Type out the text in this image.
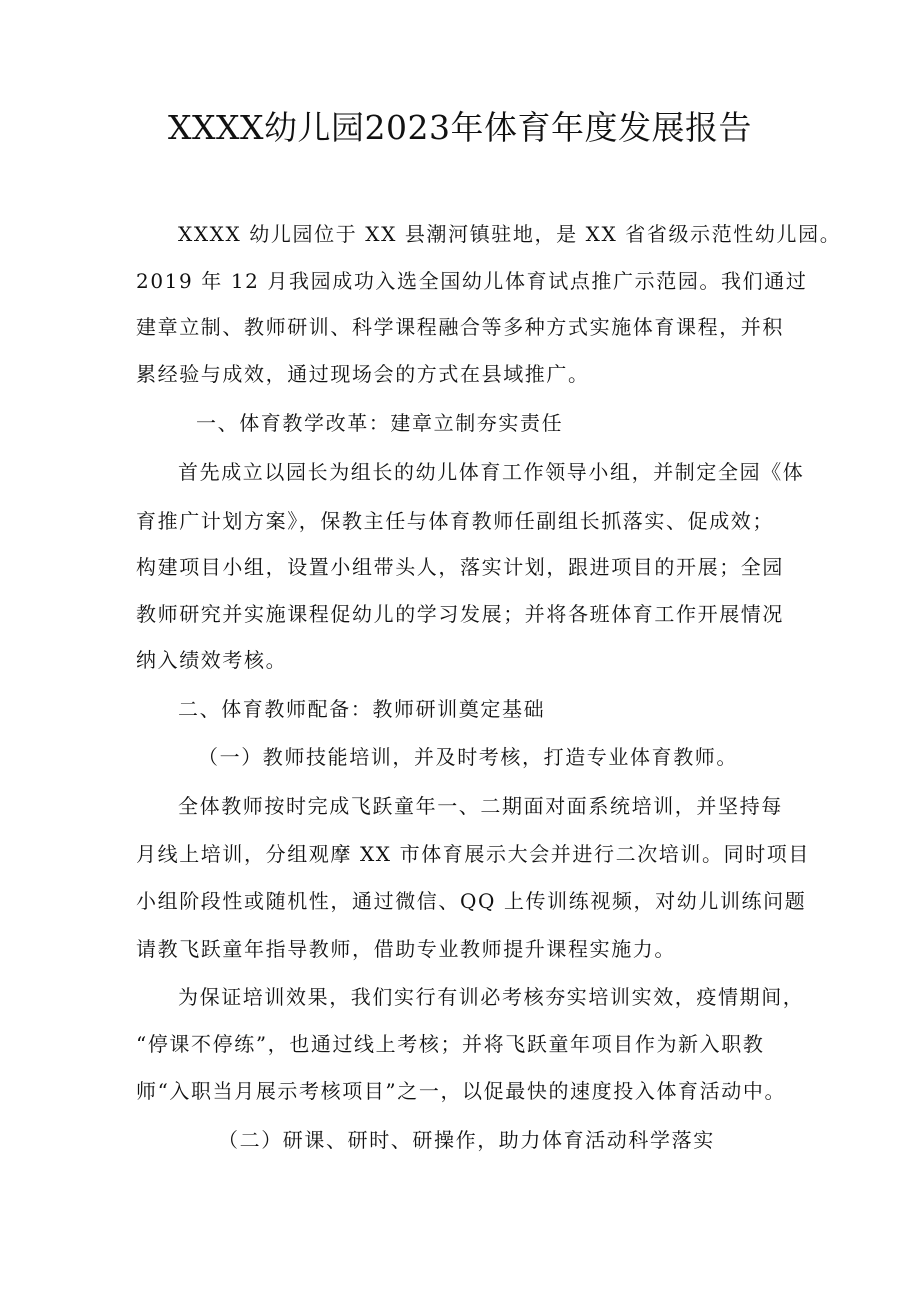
XXXX幼儿园2023年体育年度发展报告
XXXX 幼儿园位于 XX 县潮河镇驻地，是 XX 省省级示范性幼儿园。
2019 年 12 月我园成功入选全国幼儿体育试点推广示范园。我们通过
建章立制、教师研训、科学课程融合等多种方式实施体育课程，并积
累经验与成效，通过现场会的方式在县域推广。
一、体育教学改革：建章立制夯实责任
首先成立以园长为组长的幼儿体育工作领导小组，并制定全园《体
育推广计划方案》，保教主任与体育教师任副组长抓落实、促成效；
构建项目小组，设置小组带头人，落实计划，跟进项目的开展；全园
教师研究并实施课程促幼儿的学习发展；并将各班体育工作开展情况
纳入绩效考核。
二、体育教师配备：教师研训奠定基础
（一）教师技能培训，并及时考核，打造专业体育教师。
全体教师按时完成飞跃童年一、二期面对面系统培训，并坚持每
月线上培训，分组观摩 XX 市体育展示大会并进行二次培训。同时项目
小组阶段性或随机性，通过微信、QQ 上传训练视频，对幼儿训练问题
请教飞跃童年指导教师，借助专业教师提升课程实施力。
为保证培训效果，我们实行有训必考核夯实培训实效，疫情期间，
“停课不停练”，也通过线上考核；并将飞跃童年项目作为新入职教
师“入职当月展示考核项目”之一，以促最快的速度投入体育活动中。
（二）研课、研时、研操作，助力体育活动科学落实
